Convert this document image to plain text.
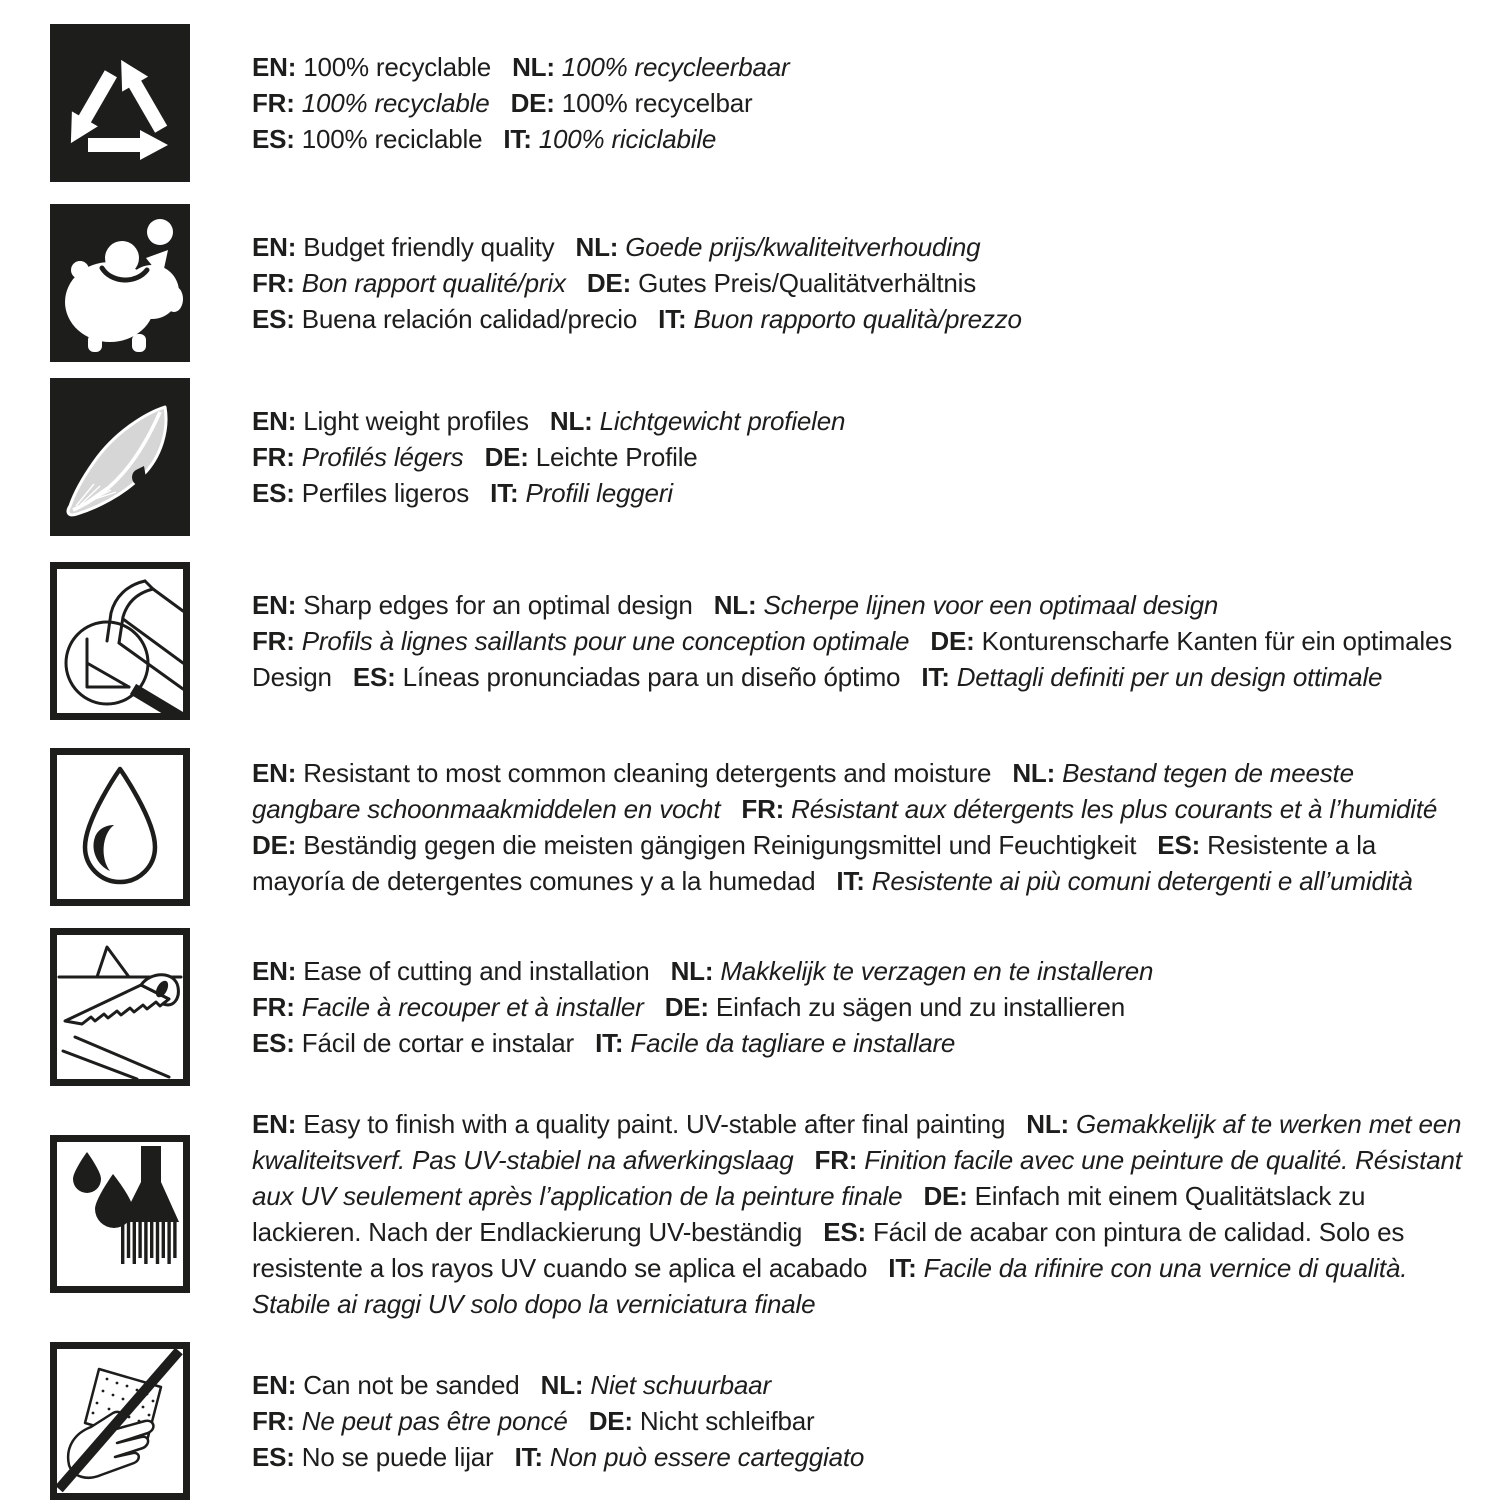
EN: 100% recyclable NL: 100% recycleerbaar
FR: 100% recyclable DE: 100% recycelbar
ES: 100% reciclable IT: 100% riciclabile

EN: Budget friendly quality NL: Goede prijs/kwaliteitverhouding
FR: Bon rapport qualité/prix DE: Gutes Preis/Qualitätverhältnis
ES: Buena relación calidad/precio IT: Buon rapporto qualità/prezzo

EN: Light weight profiles NL: Lichtgewicht profielen
FR: Profilés légers DE: Leichte Profile
ES: Perfiles ligeros IT: Profili leggeri

EN: Sharp edges for an optimal design NL: Scherpe lijnen voor een optimaal design
FR: Profils à lignes saillants pour une conception optimale DE: Konturenscharfe Kanten für ein optimales Design ES: Líneas pronunciadas para un diseño óptimo IT: Dettagli definiti per un design ottimale

EN: Resistant to most common cleaning detergents and moisture NL: Bestand tegen de meeste gangbare schoonmaakmiddelen en vocht FR: Résistant aux détergents les plus courants et à l’humidité   DE: Beständig gegen die meisten gängigen Reinigungsmittel und Feuchtigkeit ES: Resistente a la mayoría de detergentes comunes y a la humedad IT: Resistente ai più comuni detergenti e all’umidità

EN: Ease of cutting and installation NL: Makkelijk te verzagen en te installeren
FR: Facile à recouper et à installer DE: Einfach zu sägen und zu installieren
ES: Fácil de cortar e instalar IT: Facile da tagliare e installare

EN: Easy to finish with a quality paint. UV-stable after final painting NL: Gemakkelijk af te werken met een kwaliteitsverf. Pas UV-stabiel na afwerkingslaag FR: Finition facile avec une peinture de qualité. Résistant aux UV seulement après l’application de la peinture finale DE: Einfach mit einem Qualitätslack zu lackieren. Nach der Endlackierung UV-beständig ES: Fácil de acabar con pintura de calidad. Solo es resistente a los rayos UV cuando se aplica el acabado IT: Facile da rifinire con una vernice di qualità. Stabile ai raggi UV solo dopo la verniciatura finale

EN: Can not be sanded NL: Niet schuurbaar
FR: Ne peut pas être poncé DE: Nicht schleifbar
ES: No se puede lijar IT: Non può essere carteggiato
